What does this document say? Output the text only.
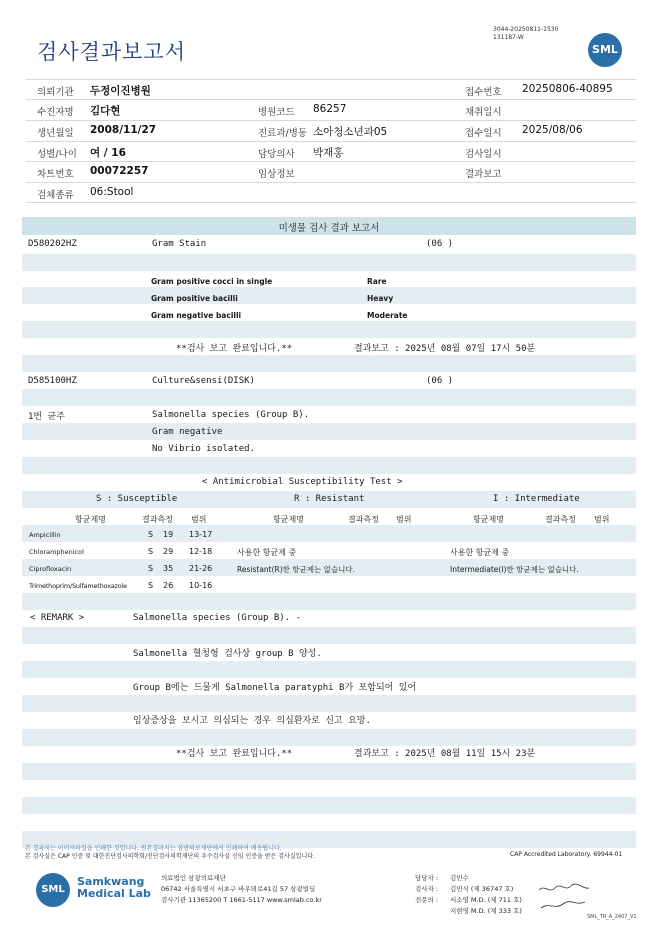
검사결과보고서
3044-20250811-1530
131187-W
SML
의뢰기관 두정이진병원	접수번호 20250806-40895
수진자명 김다현	병원코드 86257	채취일시
생년월일 2008/11/27	진료과/병동 소아청소년과05	접수일시 2025/08/06
성별/나이 여 / 16	담당의사 박재홍	검사일시
차트번호 00072257	임상정보	결과보고
검체종류 06:Stool
미생물 검사 결과 보고서
D580202HZ	Gram Stain	(06 )
Gram positive cocci in single	Rare
Gram positive bacilli	Heavy
Gram negative bacilli	Moderate
**검사 보고 완료입니다.**	결과보고 : 2025년 08월 07일 17시 50분
D585100HZ	Culture&sensi(DISK)	(06 )
1번 균주	Salmonella species (Group B).
Gram negative
No Vibrio isolated.
< Antimicrobial Susceptibility Test >
S : Susceptible	R : Resistant	I : Intermediate
항균제명	결과측정 범위	항균제명	결과측정 범위	항균제명	결과측정 범위
Ampicillin	S 19 13-17
Chloramphenicol	S 29 12-18	사용한 항균제 중	사용한 항균제 중
Ciprofloxacin	S 35 21-26	Resistant(R)한 항균제는 없습니다.	Intermediate(I)한 항균제는 없습니다.
Trimethoprim/Sulfamethoxazole	S 26 10-16
< REMARK >	Salmonella species (Group B). -
Salmonella 혈청형 검사상 group B 양성.
Group B에는 드물게 Salmonella paratyphi B가 포함되어 있어
임상증상을 보시고 의심되는 경우 의심환자로 신고 요망.
**검사 보고 완료입니다.**	결과보고 : 2025년 08월 11일 15시 23분
본 결과지는 이미지파일을 인쇄한 것입니다. 원본결과지는 삼광의료재단에서 인쇄하여 배송됩니다.
본 검사실은 CAP 인증 및 대한진단검사의학회/진단검사의학재단의 우수검사실 신임 인증을 받은 검사실입니다.	CAP Accredited Laboratory. 69944-01
SML
Samkwang
Medical Lab
의료법인 삼광의료재단
06742 서울특별시 서초구 바우뫼로41길 57 삼광빌딩
검사기관 11365200 T 1661-5117 www.smlab.co.kr
담당자 : 김민수
검사자 : 김민식 (제 36747 호)
전문의 : 서소영 M.D. (제 711 호)
지현영 M.D. (제 333 호)
SML_TR_A_2407_V1
